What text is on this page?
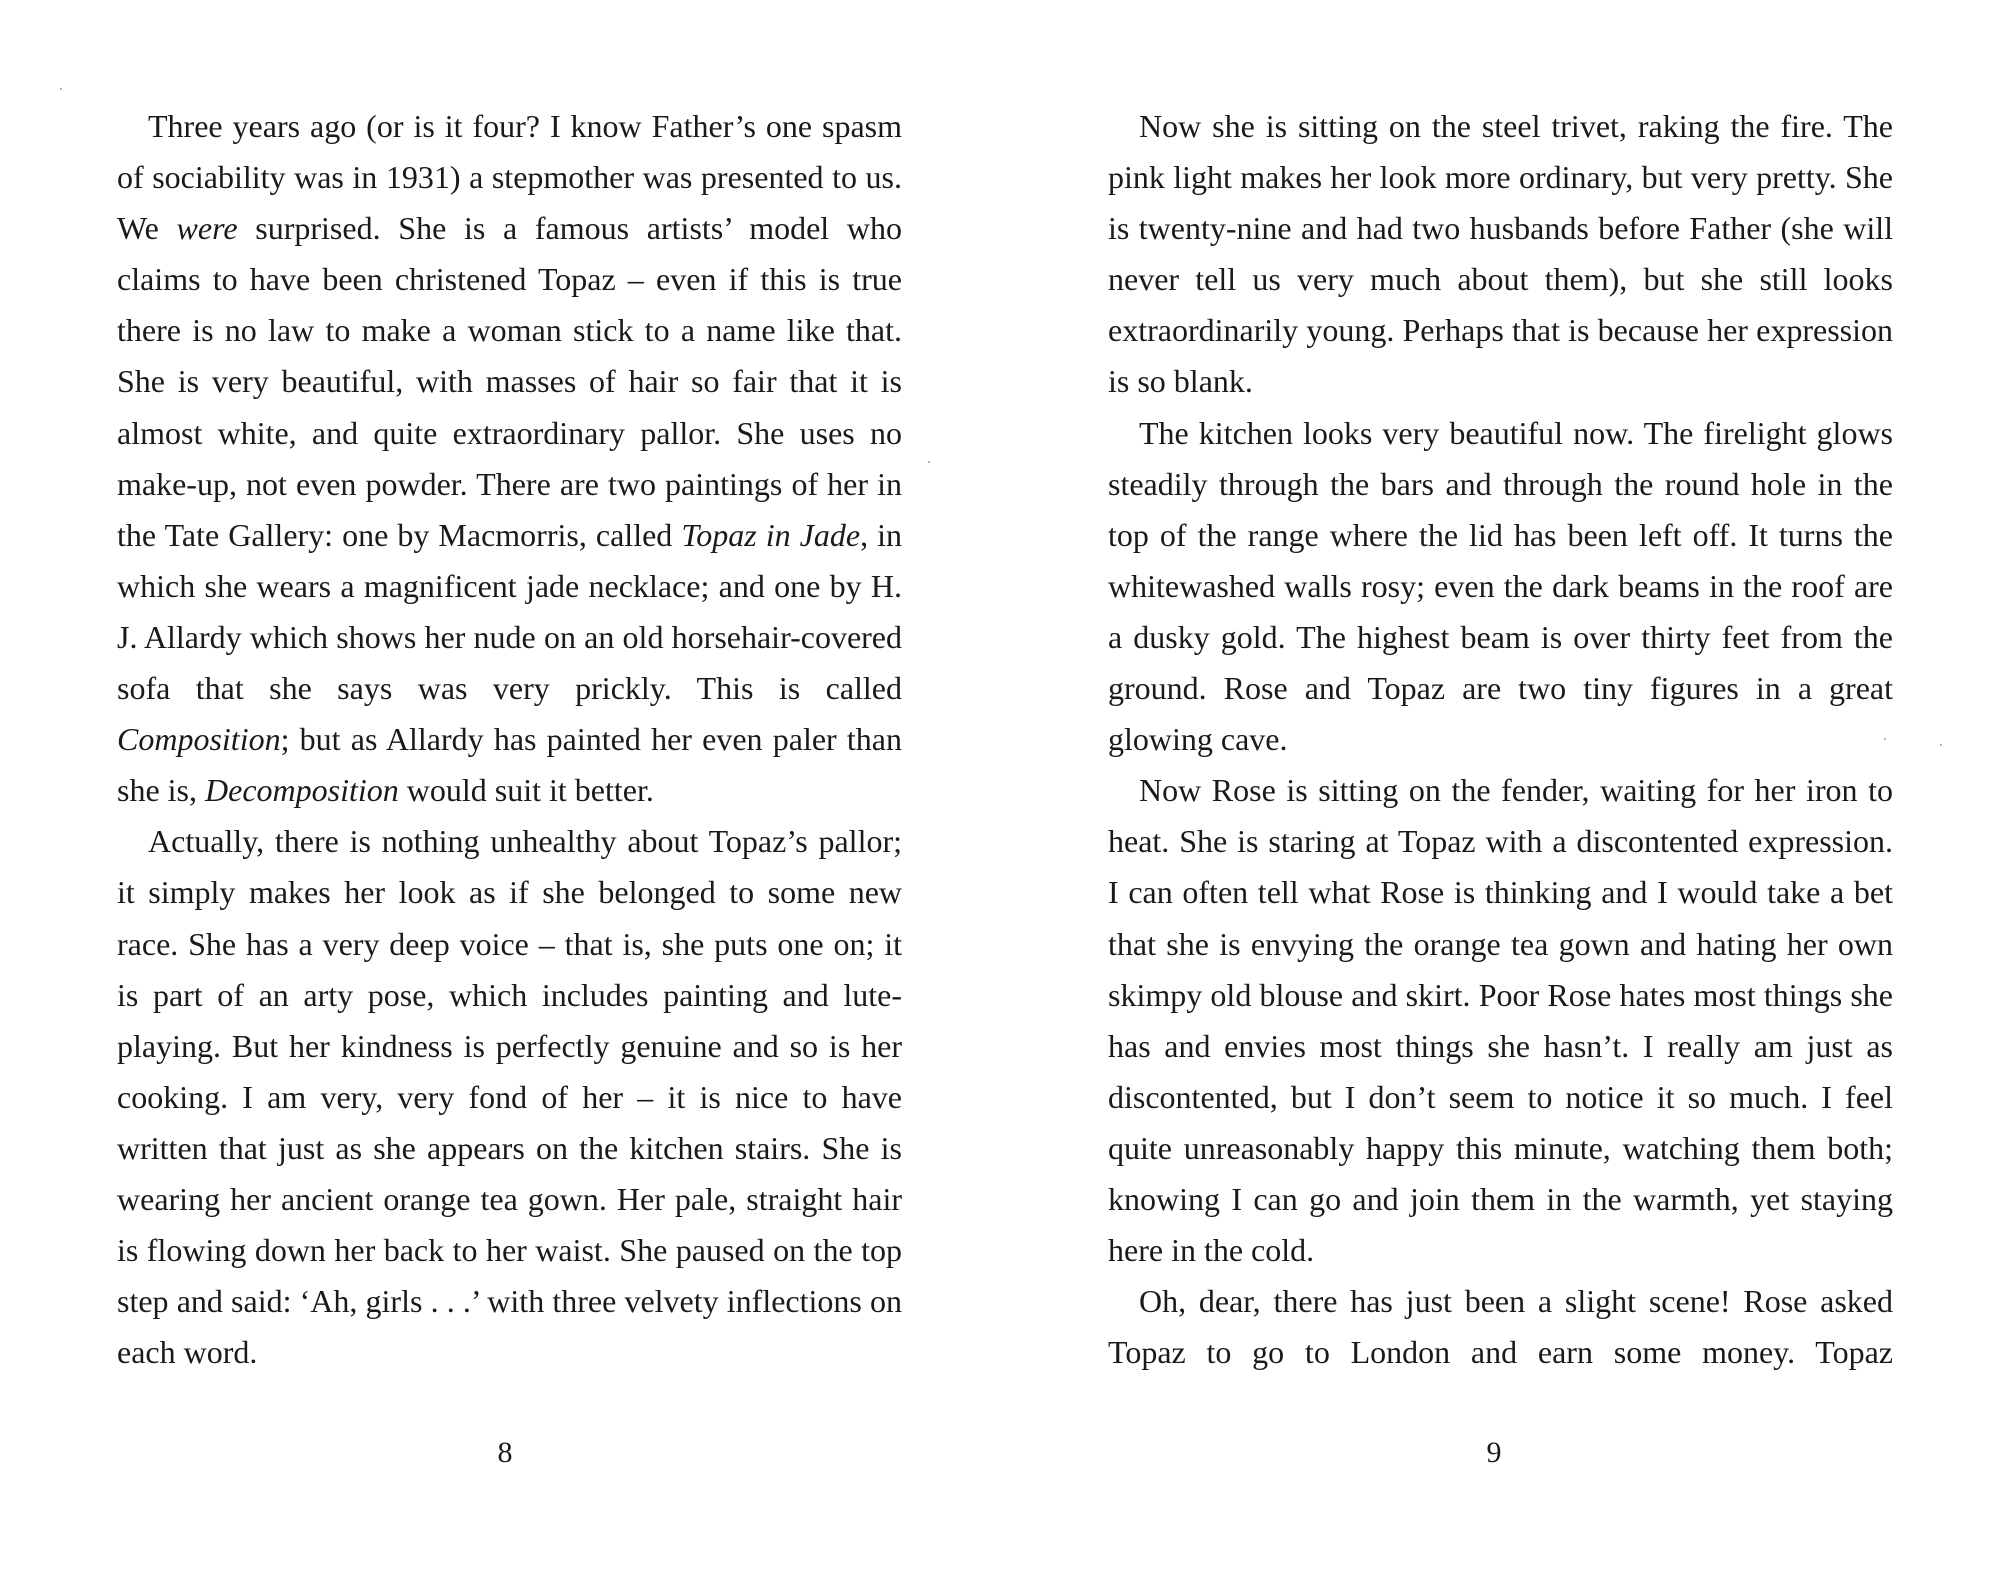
Three years ago (or is it four? I know Father’s one spasm of sociability was in 1931) a stepmother was presented to us. We were surprised. She is a famous artists’ model who claims to have been christened Topaz – even if this is true there is no law to make a woman stick to a name like that. She is very beautiful, with masses of hair so fair that it is almost white, and quite extraordinary pallor. She uses no make-up, not even powder. There are two paintings of her in the Tate Gallery: one by Macmorris, called Topaz in Jade, in which she wears a magnificent jade necklace; and one by H. J. Allardy which shows her nude on an old horsehair-covered sofa that she says was very prickly. This is called Composition; but as Allardy has painted her even paler than she is, Decomposition would suit it better.

Actually, there is nothing unhealthy about Topaz’s pallor; it simply makes her look as if she belonged to some new race. She has a very deep voice – that is, she puts one on; it is part of an arty pose, which includes painting and lute-playing. But her kindness is perfectly genuine and so is her cooking. I am very, very fond of her – it is nice to have written that just as she appears on the kitchen stairs. She is wearing her ancient orange tea gown. Her pale, straight hair is flowing down her back to her waist. She paused on the top step and said: ‘Ah, girls . . .’ with three velvety inflections on each word.

8

Now she is sitting on the steel trivet, raking the fire. The pink light makes her look more ordinary, but very pretty. She is twenty-nine and had two husbands before Father (she will never tell us very much about them), but she still looks extraordinarily young. Perhaps that is because her expression is so blank.

The kitchen looks very beautiful now. The firelight glows steadily through the bars and through the round hole in the top of the range where the lid has been left off. It turns the whitewashed walls rosy; even the dark beams in the roof are a dusky gold. The highest beam is over thirty feet from the ground. Rose and Topaz are two tiny figures in a great glowing cave.

Now Rose is sitting on the fender, waiting for her iron to heat. She is staring at Topaz with a discontented expression. I can often tell what Rose is thinking and I would take a bet that she is envying the orange tea gown and hating her own skimpy old blouse and skirt. Poor Rose hates most things she has and envies most things she hasn’t. I really am just as discontented, but I don’t seem to notice it so much. I feel quite unreasonably happy this minute, watching them both; knowing I can go and join them in the warmth, yet staying here in the cold.

Oh, dear, there has just been a slight scene! Rose asked Topaz to go to London and earn some money. Topaz

9
